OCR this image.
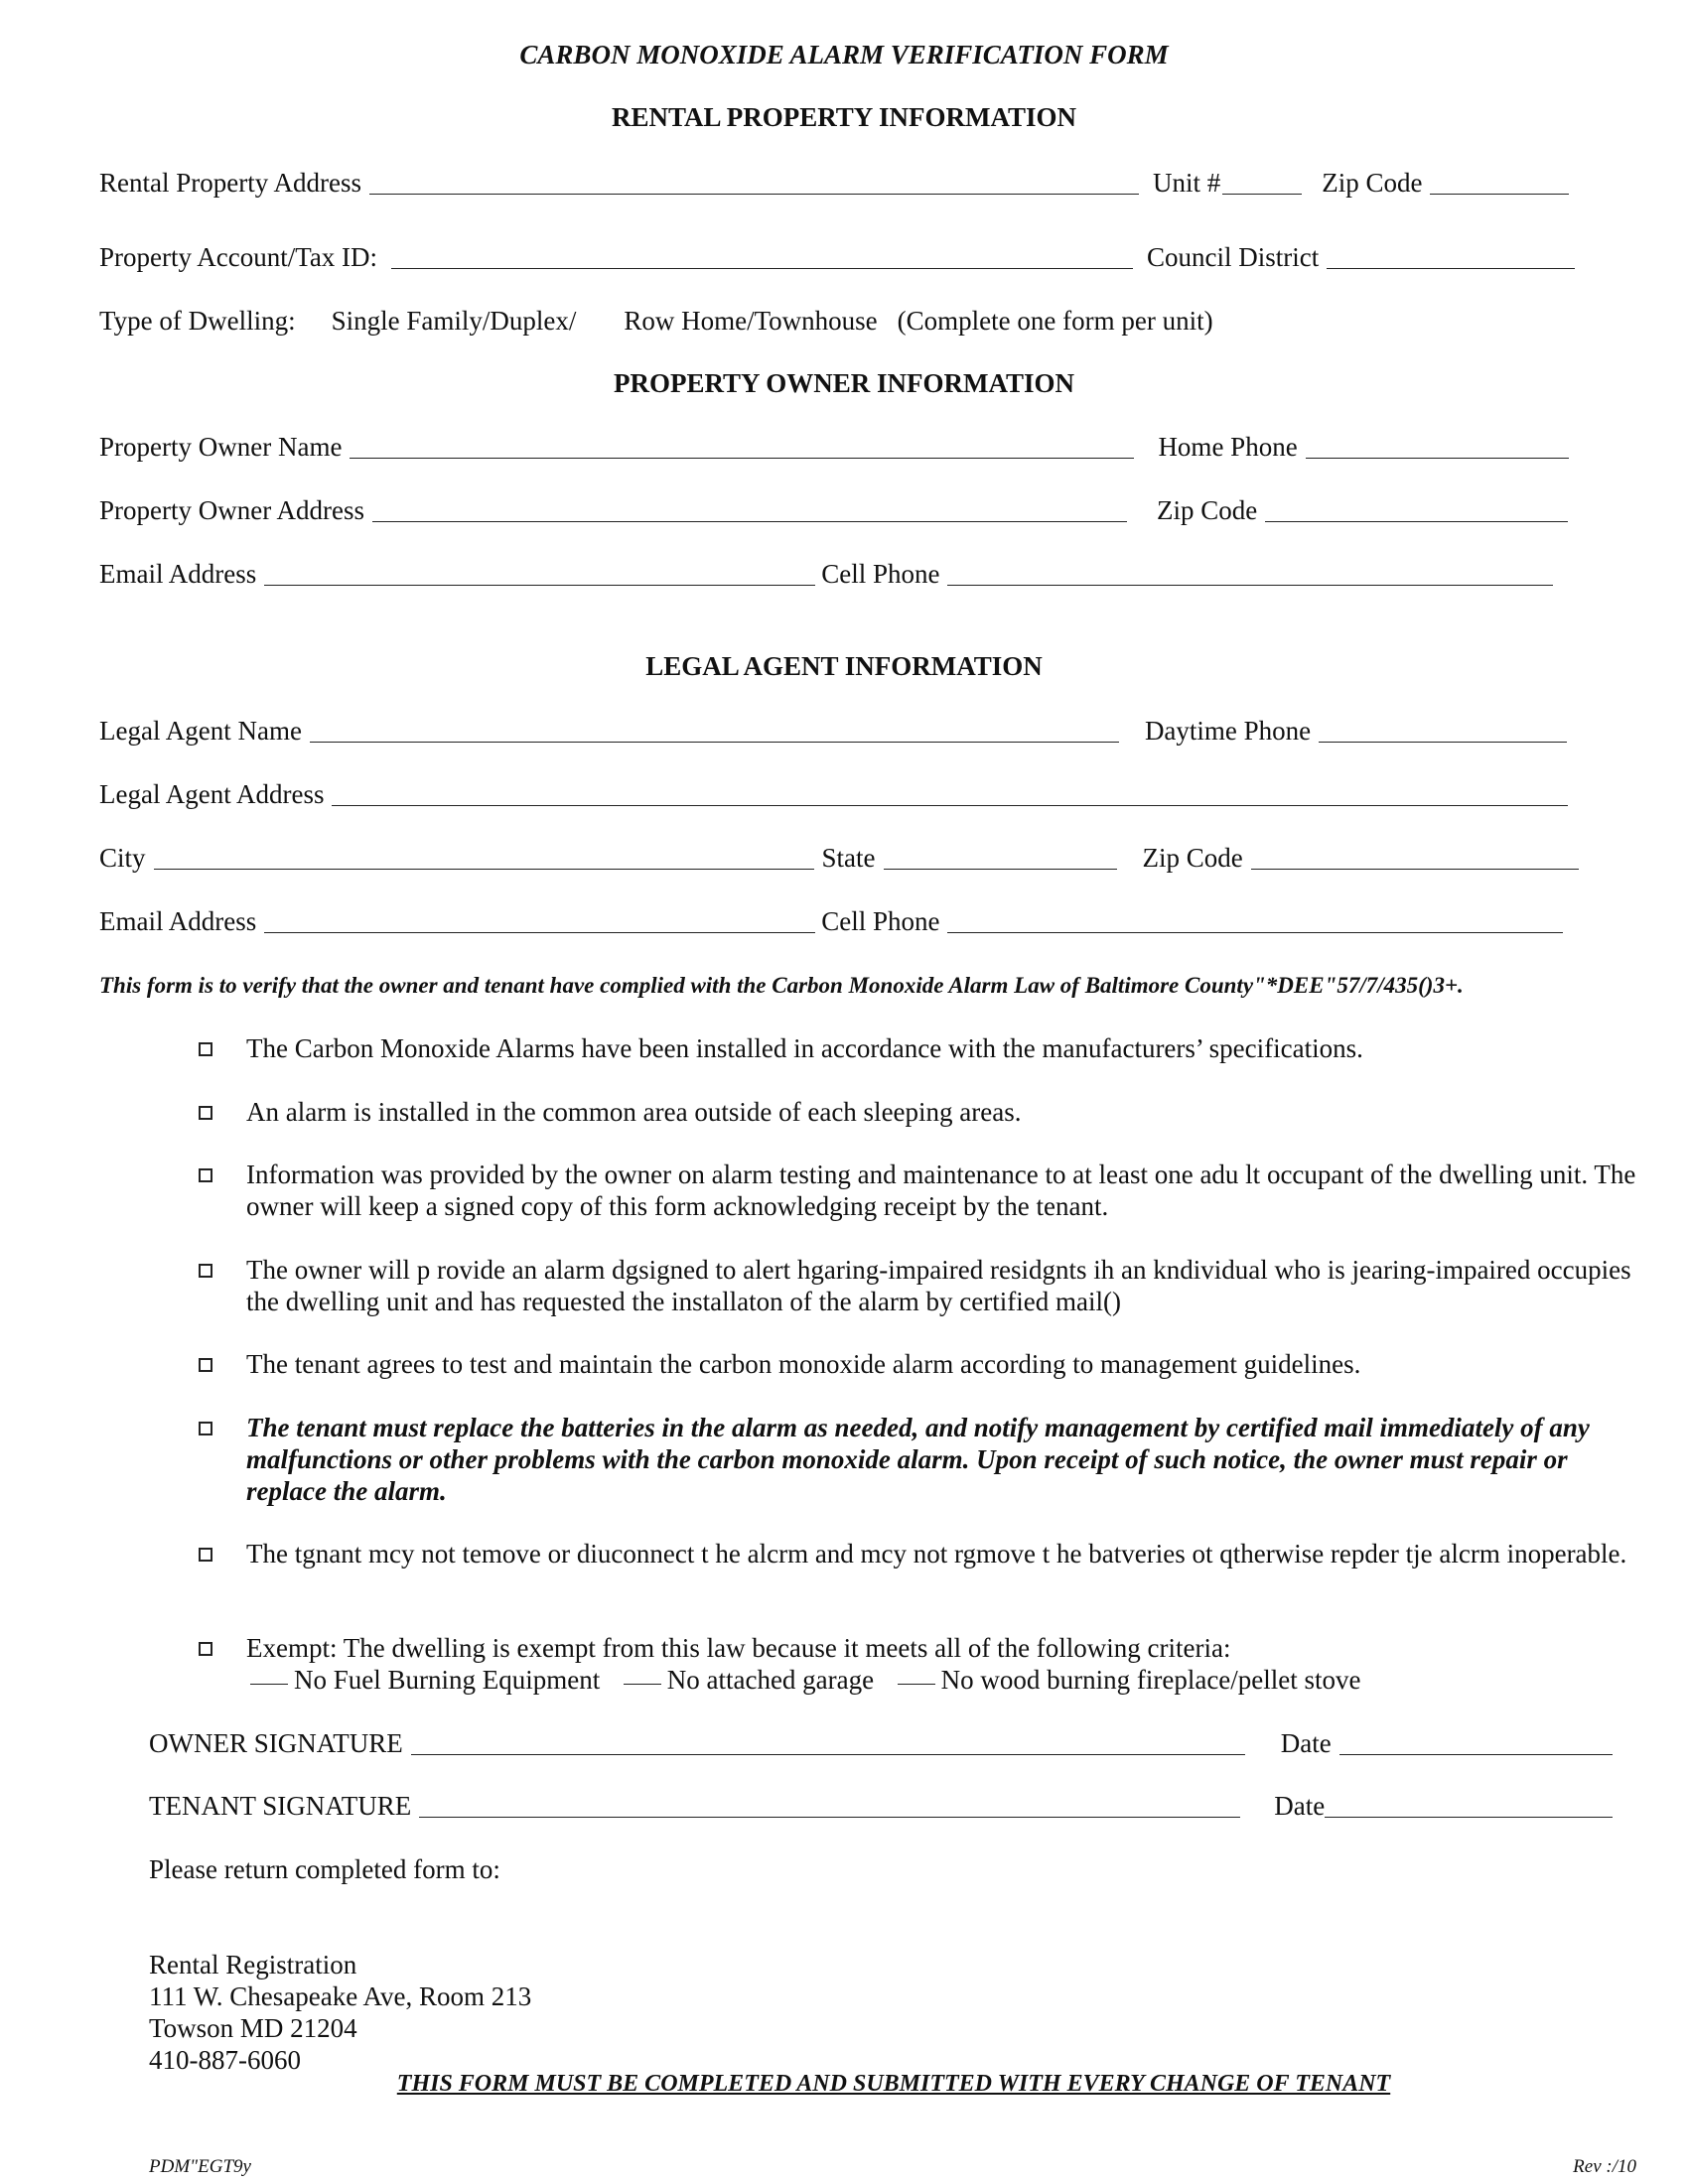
CARBON MONOXIDE ALARM VERIFICATION FORM
RENTAL PROPERTY INFORMATION
Rental Property Address	Unit #	Zip Code
Property Account/Tax ID:	Council District
Type of Dwelling: Single Family/Duplex/ Row Home/Townhouse (Complete one form per unit)
PROPERTY OWNER INFORMATION
Property Owner Name	Home Phone
Property Owner Address	Zip Code
Email Address	Cell Phone
LEGAL AGENT INFORMATION
Legal Agent Name	Daytime Phone
Legal Agent Address
City	State	Zip Code
Email Address	Cell Phone
This form is to verify that the owner and tenant have complied with the Carbon Monoxide Alarm Law of Baltimore County"*DEE"57/7/435()3+.
The Carbon Monoxide Alarms have been installed in accordance with the manufacturers’ specifications.
An alarm is installed in the common area outside of each sleeping areas.
Information was provided by the owner on alarm testing and maintenance to at least one adu lt occupant of the dwelling unit. The owner will keep a signed copy of this form acknowledging receipt by the tenant.
The owner will p rovide an alarm dgsigned to alert hgaring-impaired residgnts ih an kndividual who is jearing-impaired occupies the dwelling unit and has requested the installaton of the alarm by certified mail()
The tenant agrees to test and maintain the carbon monoxide alarm according to management guidelines.
The tenant must replace the batteries in the alarm as needed, and notify management by certified mail immediately of any malfunctions or other problems with the carbon monoxide alarm. Upon receipt of such notice, the owner must repair or replace the alarm.
The tgnant mcy not temove or diuconnect t he alcrm and mcy not rgmove t he batveries ot qtherwise repder tje alcrm inoperable.
Exempt: The dwelling is exempt from this law because it meets all of the following criteria:
No Fuel Burning Equipment	No attached garage	No wood burning fireplace/pellet stove
OWNER SIGNATURE	Date
TENANT SIGNATURE	Date
Please return completed form to:
Rental Registration
111 W. Chesapeake Ave, Room 213
Towson MD 21204
410-887-6060
THIS FORM MUST BE COMPLETED AND SUBMITTED WITH EVERY CHANGE OF TENANT
PDM"EGT9y	Rev :/10
